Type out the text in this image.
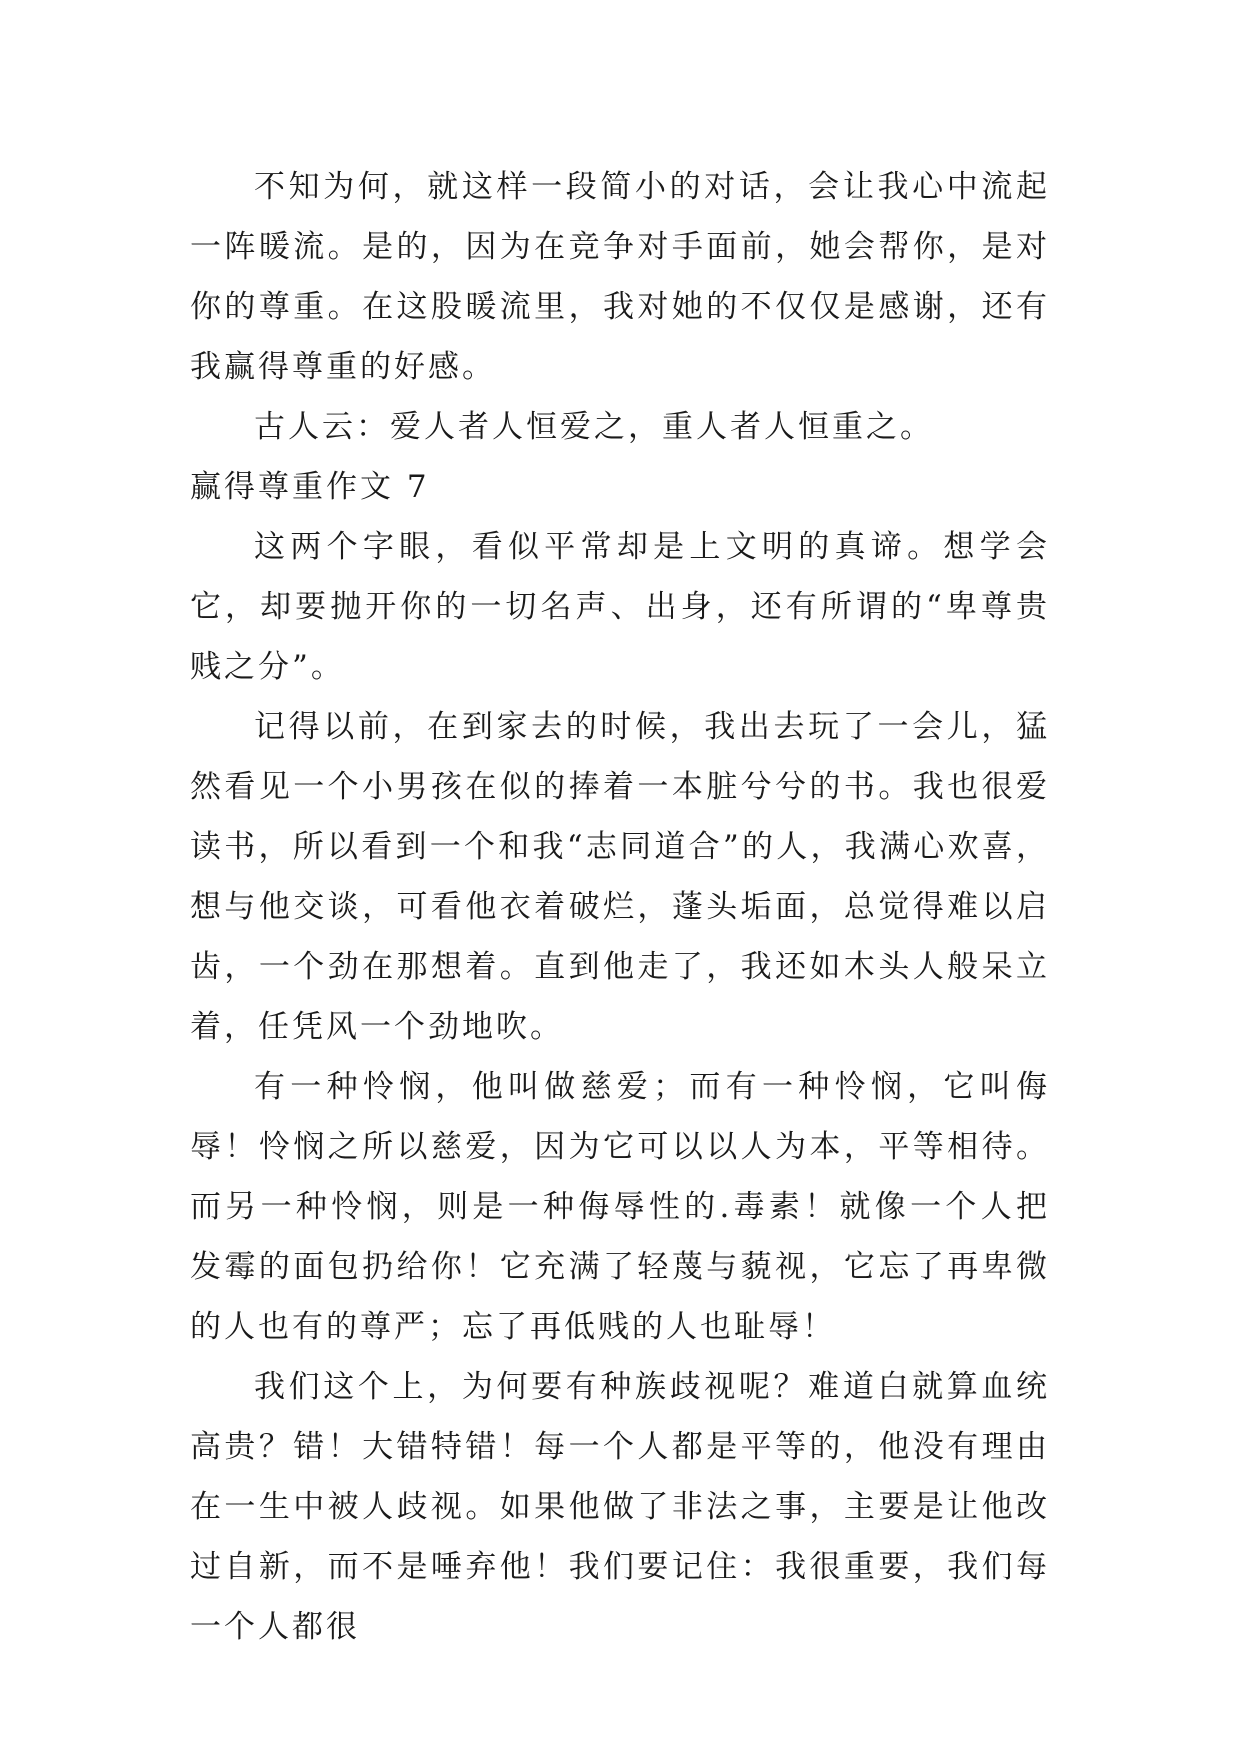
不知为何，就这样一段简小的对话，会让我心中流起一阵暖流。是的，因为在竞争对手面前，她会帮你，是对你的尊重。在这股暖流里，我对她的不仅仅是感谢，还有我赢得尊重的好感。

古人云：爱人者人恒爱之，重人者人恒重之。

赢得尊重作文 7

这两个字眼，看似平常却是上文明的真谛。想学会它，却要抛开你的一切名声、出身，还有所谓的“卑尊贵贱之分”。

记得以前，在到家去的时候，我出去玩了一会儿，猛然看见一个小男孩在似的捧着一本脏兮兮的书。我也很爱读书，所以看到一个和我“志同道合”的人，我满心欢喜，想与他交谈，可看他衣着破烂，蓬头垢面，总觉得难以启齿，一个劲在那想着。直到他走了，我还如木头人般呆立着，任凭风一个劲地吹。

有一种怜悯，他叫做慈爱；而有一种怜悯，它叫侮辱！怜悯之所以慈爱，因为它可以以人为本，平等相待。而另一种怜悯，则是一种侮辱性的.毒素！就像一个人把发霉的面包扔给你！它充满了轻蔑与藐视，它忘了再卑微的人也有的尊严；忘了再低贱的人也耻辱！

我们这个上，为何要有种族歧视呢？难道白就算血统高贵？错！大错特错！每一个人都是平等的，他没有理由在一生中被人歧视。如果他做了非法之事，主要是让他改过自新，而不是唾弃他！我们要记住：我很重要，我们每一个人都很
